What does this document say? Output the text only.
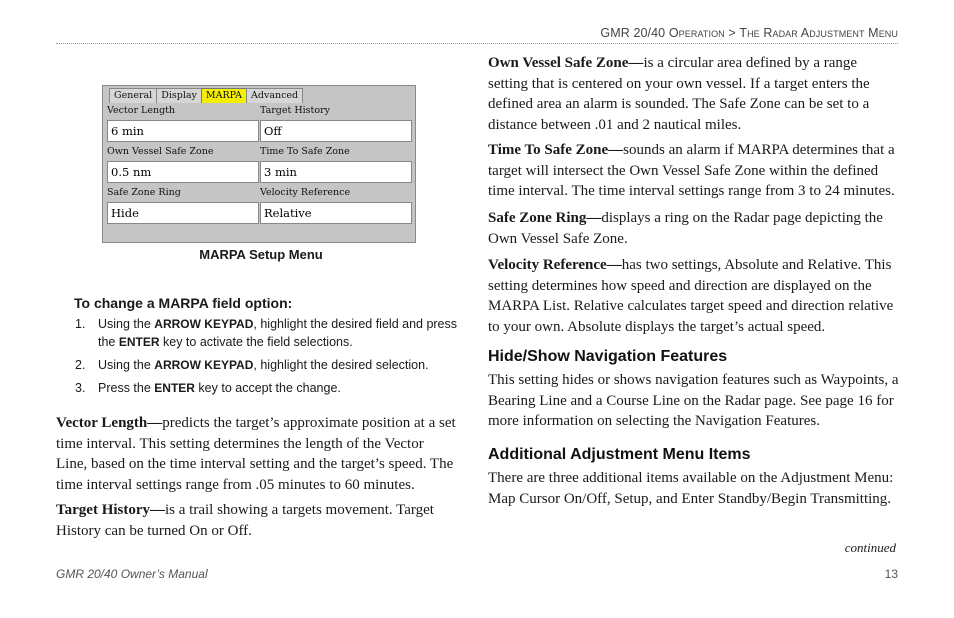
GMR 20/40 Operation > The Radar Adjustment Menu
General Display MARPA Advanced
Vector Length	Target History
6 min	Off
Own Vessel Safe Zone	Time To Safe Zone
0.5 nm	3 min
Safe Zone Ring	Velocity Reference
Hide	Relative
MARPA Setup Menu
To change a MARPA field option:
1.	Using the ARROW KEYPAD, highlight the desired field and press the ENTER key to activate the field selections.
2.	Using the ARROW KEYPAD, highlight the desired selection.
3.	Press the ENTER key to accept the change.

Vector Length—predicts the target’s approximate position at a set time interval. This setting determines the length of the Vector Line, based on the time interval setting and the target’s speed. The time interval settings range from .05 minutes to 60 minutes.

Target History—is a trail showing a targets movement. Target History can be turned On or Off.

Own Vessel Safe Zone—is a circular area defined by a range setting that is centered on your own vessel. If a target enters the defined area an alarm is sounded. The Safe Zone can be set to a distance between .01 and 2 nautical miles.

Time To Safe Zone—sounds an alarm if MARPA determines that a target will intersect the Own Vessel Safe Zone within the defined time interval. The time interval settings range from 3 to 24 minutes.

Safe Zone Ring—displays a ring on the Radar page depicting the Own Vessel Safe Zone.

Velocity Reference—has two settings, Absolute and Relative. This setting determines how speed and direction are displayed on the MARPA List. Relative calculates target speed and direction relative to your own. Absolute displays the target’s actual speed.

Hide/Show Navigation Features

This setting hides or shows navigation features such as Waypoints, a Bearing Line and a Course Line on the Radar page. See page 16 for more information on selecting the Navigation Features.

Additional Adjustment Menu Items

There are three additional items available on the Adjustment Menu: Map Cursor On/Off, Setup, and Enter Standby/Begin Transmitting.

continued
GMR 20/40 Owner’s Manual	13
